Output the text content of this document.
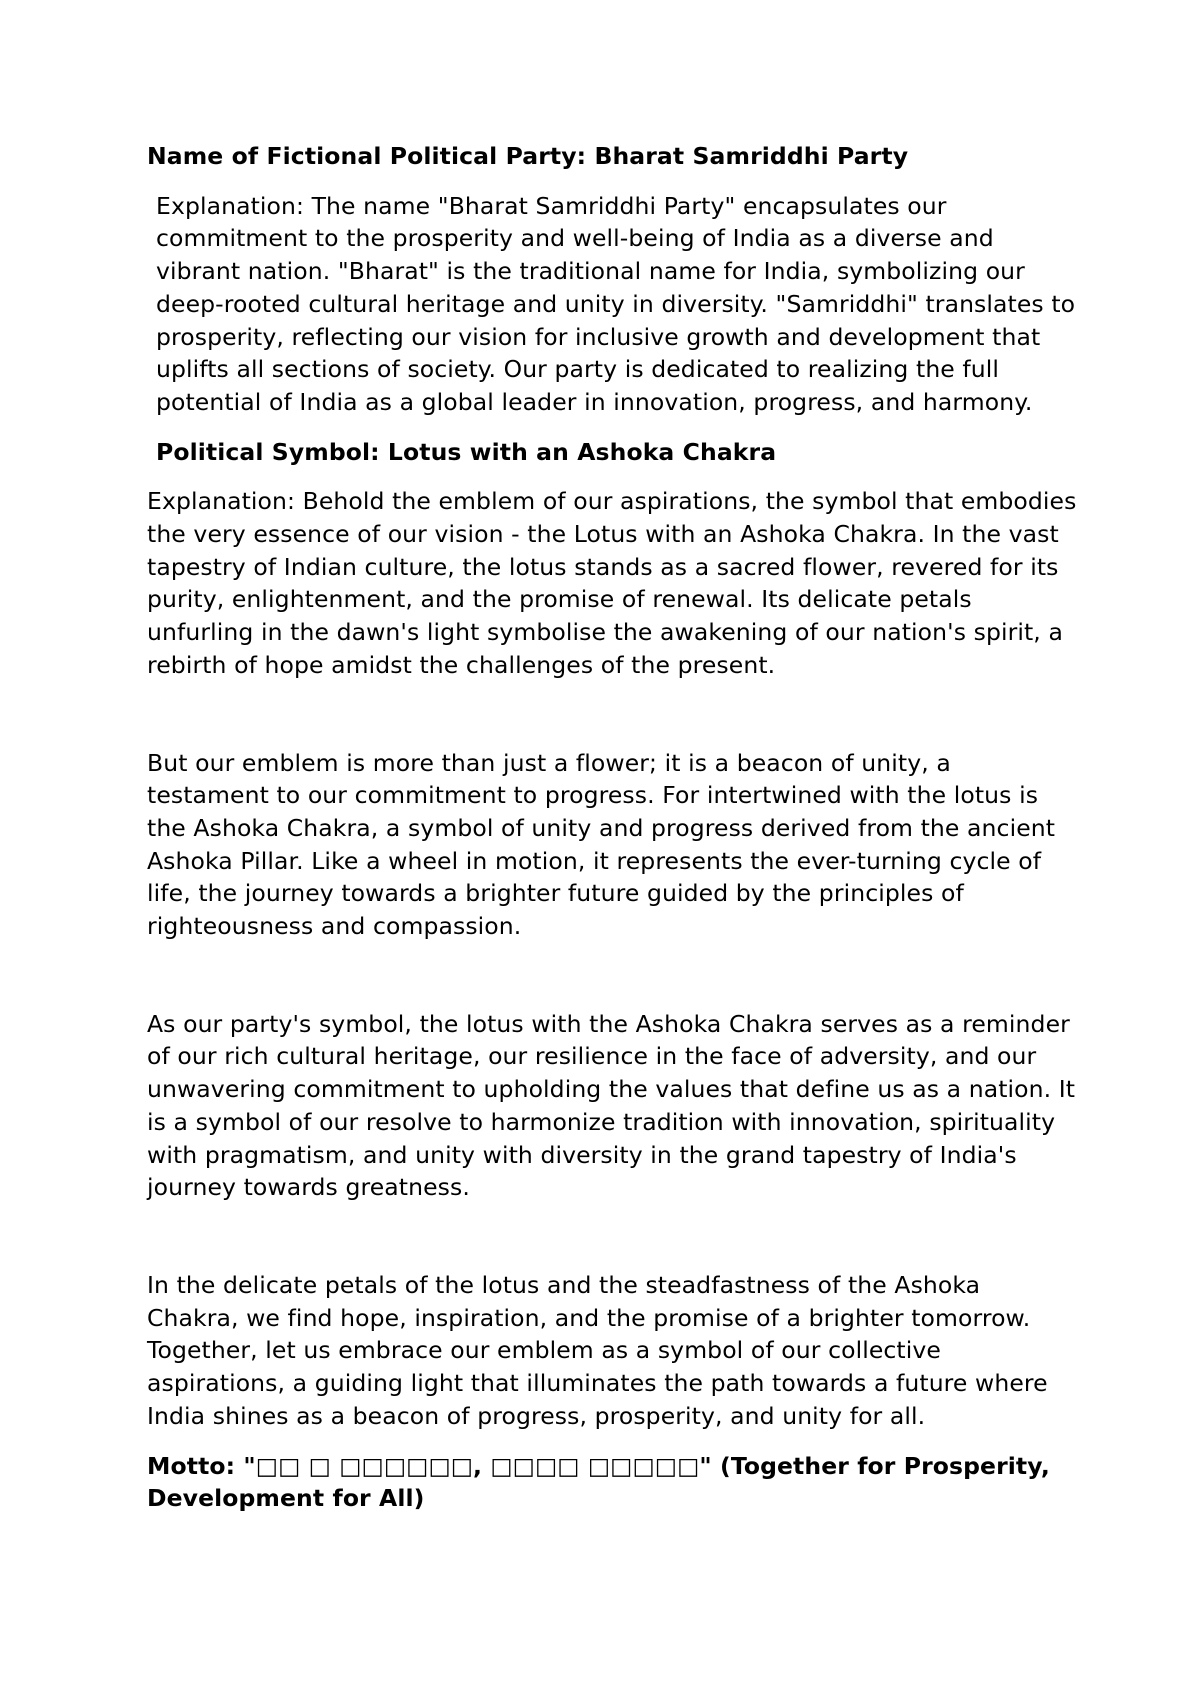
Name of Fictional Political Party: Bharat Samriddhi Party

Explanation: The name "Bharat Samriddhi Party" encapsulates our commitment to the prosperity and well-being of India as a diverse and vibrant nation. "Bharat" is the traditional name for India, symbolizing our deep-rooted cultural heritage and unity in diversity. "Samriddhi" translates to prosperity, reflecting our vision for inclusive growth and development that uplifts all sections of society. Our party is dedicated to realizing the full potential of India as a global leader in innovation, progress, and harmony.

Political Symbol: Lotus with an Ashoka Chakra

Explanation: Behold the emblem of our aspirations, the symbol that embodies the very essence of our vision - the Lotus with an Ashoka Chakra. In the vast tapestry of Indian culture, the lotus stands as a sacred flower, revered for its purity, enlightenment, and the promise of renewal. Its delicate petals unfurling in the dawn's light symbolise the awakening of our nation's spirit, a rebirth of hope amidst the challenges of the present.

But our emblem is more than just a flower; it is a beacon of unity, a testament to our commitment to progress. For intertwined with the lotus is the Ashoka Chakra, a symbol of unity and progress derived from the ancient Ashoka Pillar. Like a wheel in motion, it represents the ever-turning cycle of life, the journey towards a brighter future guided by the principles of righteousness and compassion.

As our party's symbol, the lotus with the Ashoka Chakra serves as a reminder of our rich cultural heritage, our resilience in the face of adversity, and our unwavering commitment to upholding the values that define us as a nation. It is a symbol of our resolve to harmonize tradition with innovation, spirituality with pragmatism, and unity with diversity in the grand tapestry of India's journey towards greatness.

In the delicate petals of the lotus and the steadfastness of the Ashoka Chakra, we find hope, inspiration, and the promise of a brighter tomorrow. Together, let us embrace our emblem as a symbol of our collective aspirations, a guiding light that illuminates the path towards a future where India shines as a beacon of progress, prosperity, and unity for all.

Motto: "□□ □ □□□□□□, □□□□ □□□□□" (Together for Prosperity, Development for All)
